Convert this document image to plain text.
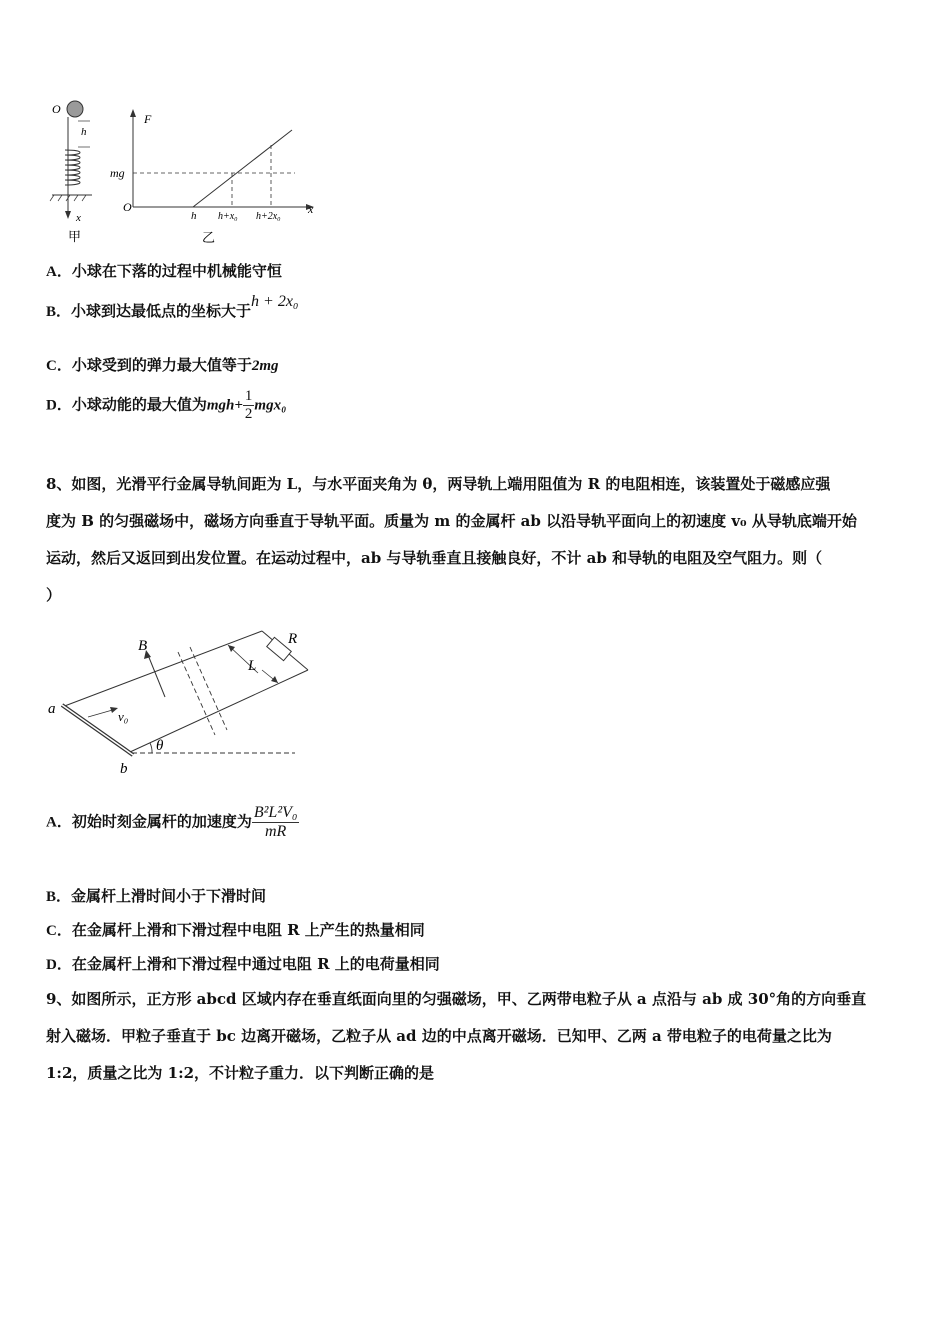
O
h
x
甲
F
mg
O	x
h h+x₀ h+2x₀
乙
A．小球在下落的过程中机械能守恒
B．小球到达最低点的坐标大于h + 2x₀
C．小球受到的弹力最大值等于2mg
D．小球动能的最大值为$mgh+ \frac{1}{2} mgx_0$
8、如图，光滑平行金属导轨间距为 L，与水平面夹角为 θ，两导轨上端用阻值为 R 的电阻相连，该装置处于磁感应强
度为 B 的匀强磁场中，磁场方向垂直于导轨平面。质量为 m 的金属杆 ab 以沿导轨平面向上的初速度 v₀ 从导轨底端开始
运动，然后又返回到出发位置。在运动过程中，ab 与导轨垂直且接触良好，不计 ab 和导轨的电阻及空气阻力。则（
）
R
L
B
a
b
v₀
θ
A．初始时刻金属杆的加速度为 $\frac{\text{B²L²V₀}}{mR}$
B．金属杆上滑时间小于下滑时间
C．在金属杆上滑和下滑过程中电阻 R 上产生的热量相同
D．在金属杆上滑和下滑过程中通过电阻 R 上的电荷量相同
9、如图所示，正方形 abcd 区域内存在垂直纸面向里的匀强磁场，甲、乙两带电粒子从 a 点沿与 ab 成 30°角的方向垂直
射入磁场．甲粒子垂直于 bc 边离开磁场，乙粒子从 ad 边的中点离开磁场．已知甲、乙两 a 带电粒子的电荷量之比为
1:2，质量之比为 1:2，不计粒子重力．以下判断正确的是
